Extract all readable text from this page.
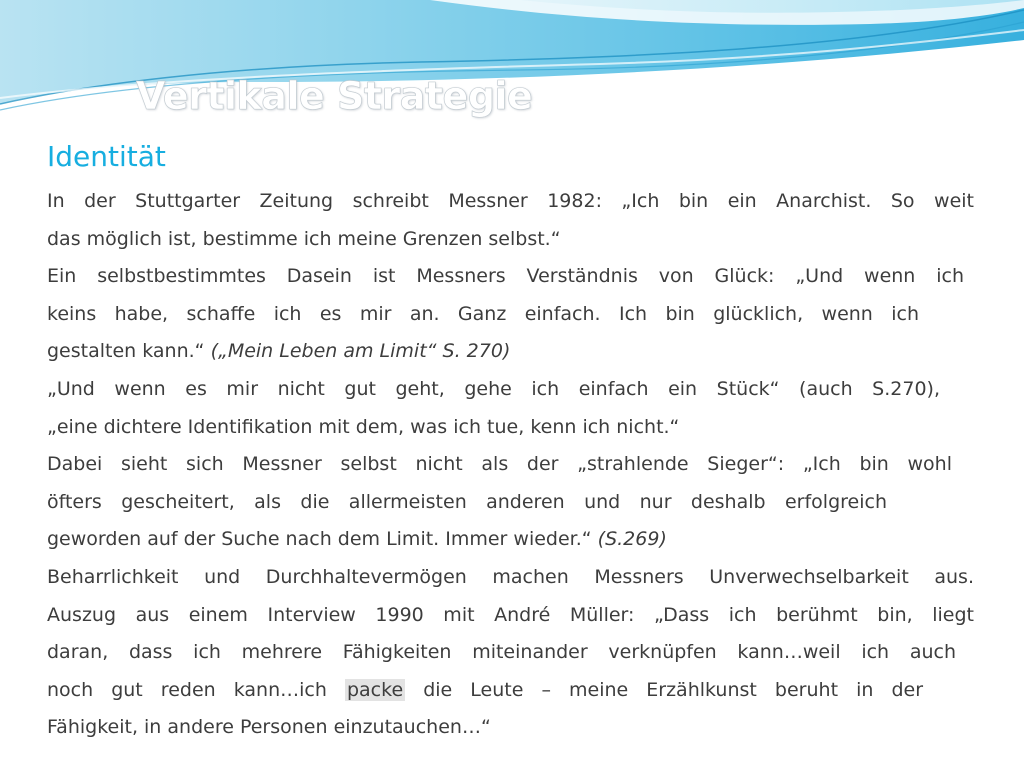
Vertikale Strategie
Identität
In der Stuttgarter Zeitung schreibt Messner 1982: „Ich bin ein Anarchist. So weit
das möglich ist, bestimme ich meine Grenzen selbst.“
Ein selbstbestimmtes Dasein ist Messners Verständnis von Glück: „Und wenn ich
keins habe, schaffe ich es mir an. Ganz einfach. Ich bin glücklich, wenn ich
gestalten kann.“ („Mein Leben am Limit“ S. 270)
„Und wenn es mir nicht gut geht, gehe ich einfach ein Stück“ (auch S.270),
„eine dichtere Identifikation mit dem, was ich tue, kenn ich nicht.“
Dabei sieht sich Messner selbst nicht als der „strahlende Sieger“: „Ich bin wohl
öfters gescheitert, als die allermeisten anderen und nur deshalb erfolgreich
geworden auf der Suche nach dem Limit. Immer wieder.“ (S.269)
Beharrlichkeit und Durchhaltevermögen machen Messners Unverwechselbarkeit aus.
Auszug aus einem Interview 1990 mit André Müller: „Dass ich berühmt bin, liegt
daran, dass ich mehrere Fähigkeiten miteinander verknüpfen kann…weil ich auch
noch gut reden kann…ich packe die Leute – meine Erzählkunst beruht in der
Fähigkeit, in andere Personen einzutauchen…“
